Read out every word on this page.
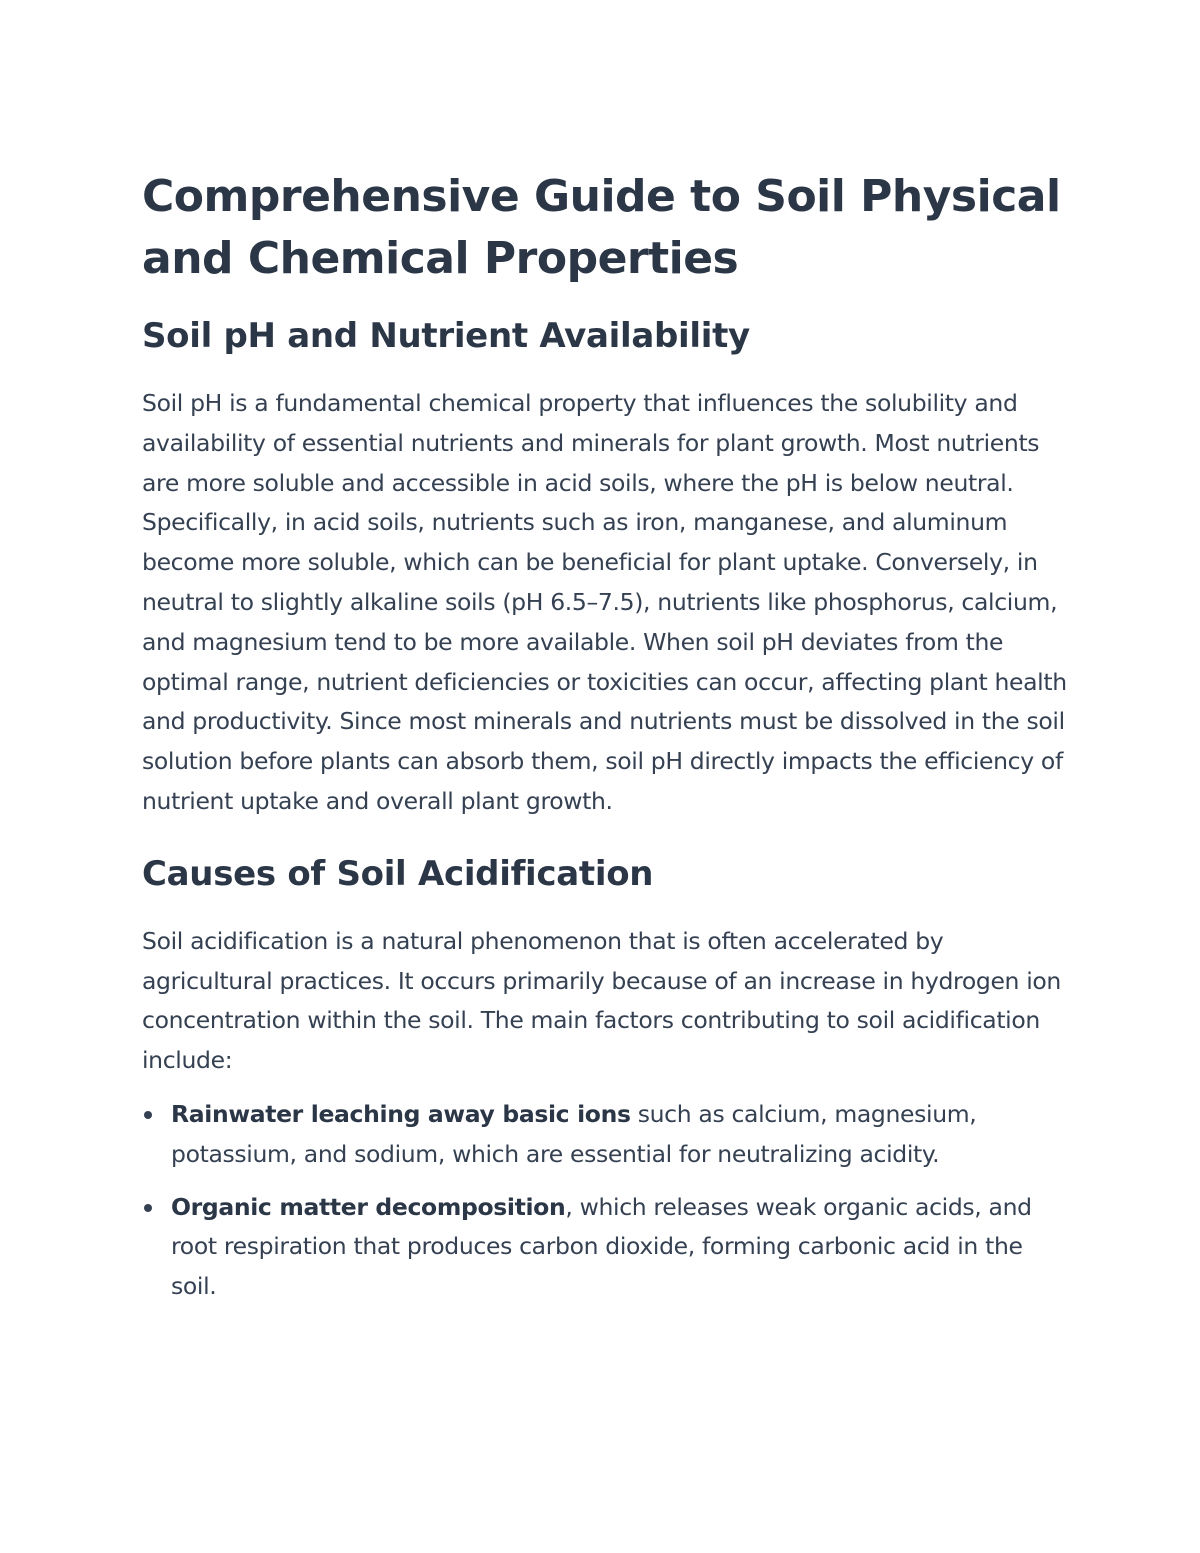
Comprehensive Guide to Soil Physical and Chemical Properties
Soil pH and Nutrient Availability

Soil pH is a fundamental chemical property that influences the solubility and availability of essential nutrients and minerals for plant growth. Most nutrients are more soluble and accessible in acid soils, where the pH is below neutral. Specifically, in acid soils, nutrients such as iron, manganese, and aluminum become more soluble, which can be beneficial for plant uptake. Conversely, in neutral to slightly alkaline soils (pH 6.5–7.5), nutrients like phosphorus, calcium, and magnesium tend to be more available. When soil pH deviates from the optimal range, nutrient deficiencies or toxicities can occur, affecting plant health and productivity. Since most minerals and nutrients must be dissolved in the soil solution before plants can absorb them, soil pH directly impacts the efficiency of nutrient uptake and overall plant growth.

Causes of Soil Acidification

Soil acidification is a natural phenomenon that is often accelerated by agricultural practices. It occurs primarily because of an increase in hydrogen ion concentration within the soil. The main factors contributing to soil acidification include:

Rainwater leaching away basic ions such as calcium, magnesium, potassium, and sodium, which are essential for neutralizing acidity.
Organic matter decomposition, which releases weak organic acids, and root respiration that produces carbon dioxide, forming carbonic acid in the soil.
